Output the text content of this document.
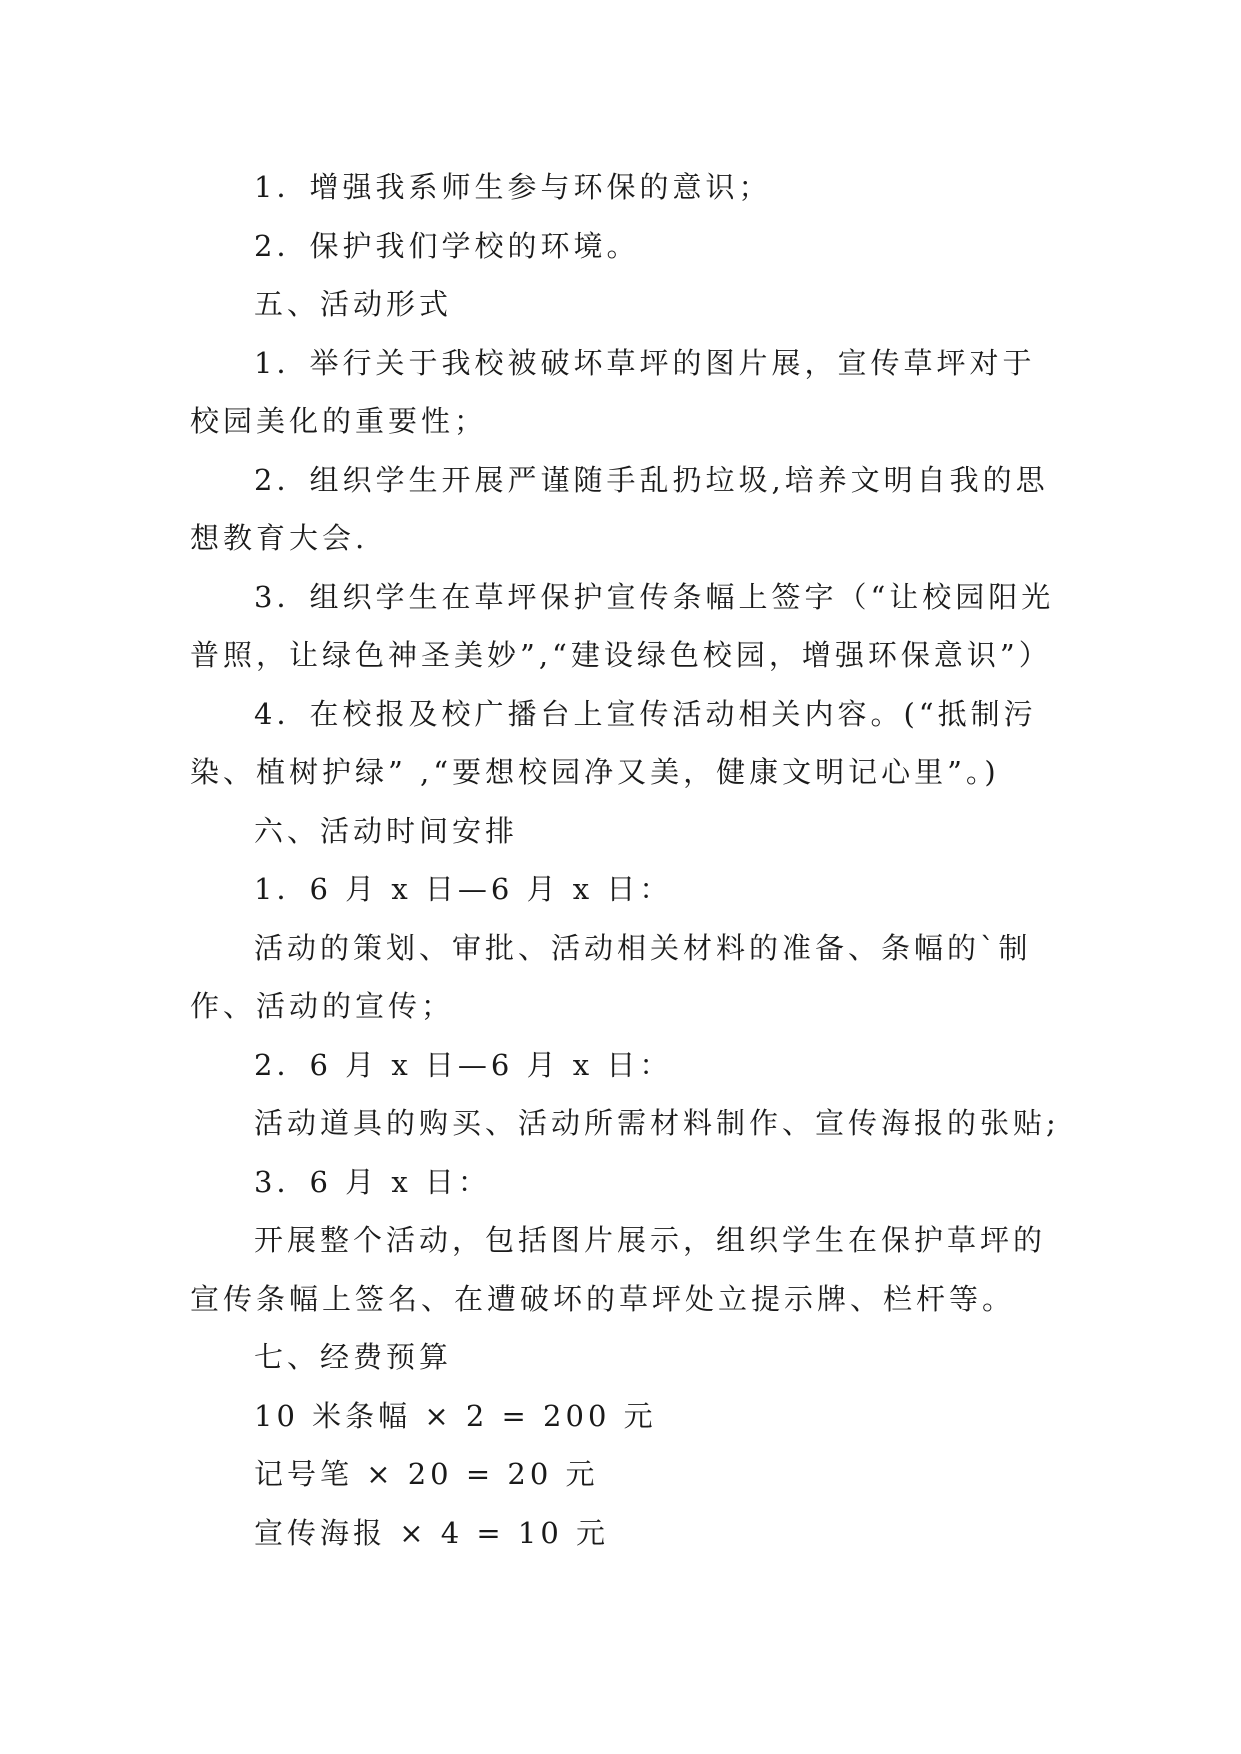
1．增强我系师生参与环保的意识；

2．保护我们学校的环境。

五、活动形式

1．举行关于我校被破坏草坪的图片展，宣传草坪对于

校园美化的重要性；

2．组织学生开展严谨随手乱扔垃圾,培养文明自我的思

想教育大会.

3．组织学生在草坪保护宣传条幅上签字（“让校园阳光

普照，让绿色神圣美妙”,“建设绿色校园，增强环保意识”）

4．在校报及校广播台上宣传活动相关内容。(“抵制污

染、植树护绿” ,“要想校园净又美，健康文明记心里”。)

六、活动时间安排

1．6 月 x 日—6 月 x 日：

活动的策划、审批、活动相关材料的准备、条幅的`制

作、活动的宣传；

2．6 月 x 日—6 月 x 日：

活动道具的购买、活动所需材料制作、宣传海报的张贴;

3．6 月 x 日：

开展整个活动，包括图片展示，组织学生在保护草坪的

宣传条幅上签名、在遭破坏的草坪处立提示牌、栏杆等。

七、经费预算

10 米条幅 × 2 = 200 元

记号笔 × 20 = 20 元

宣传海报 × 4 = 10 元
